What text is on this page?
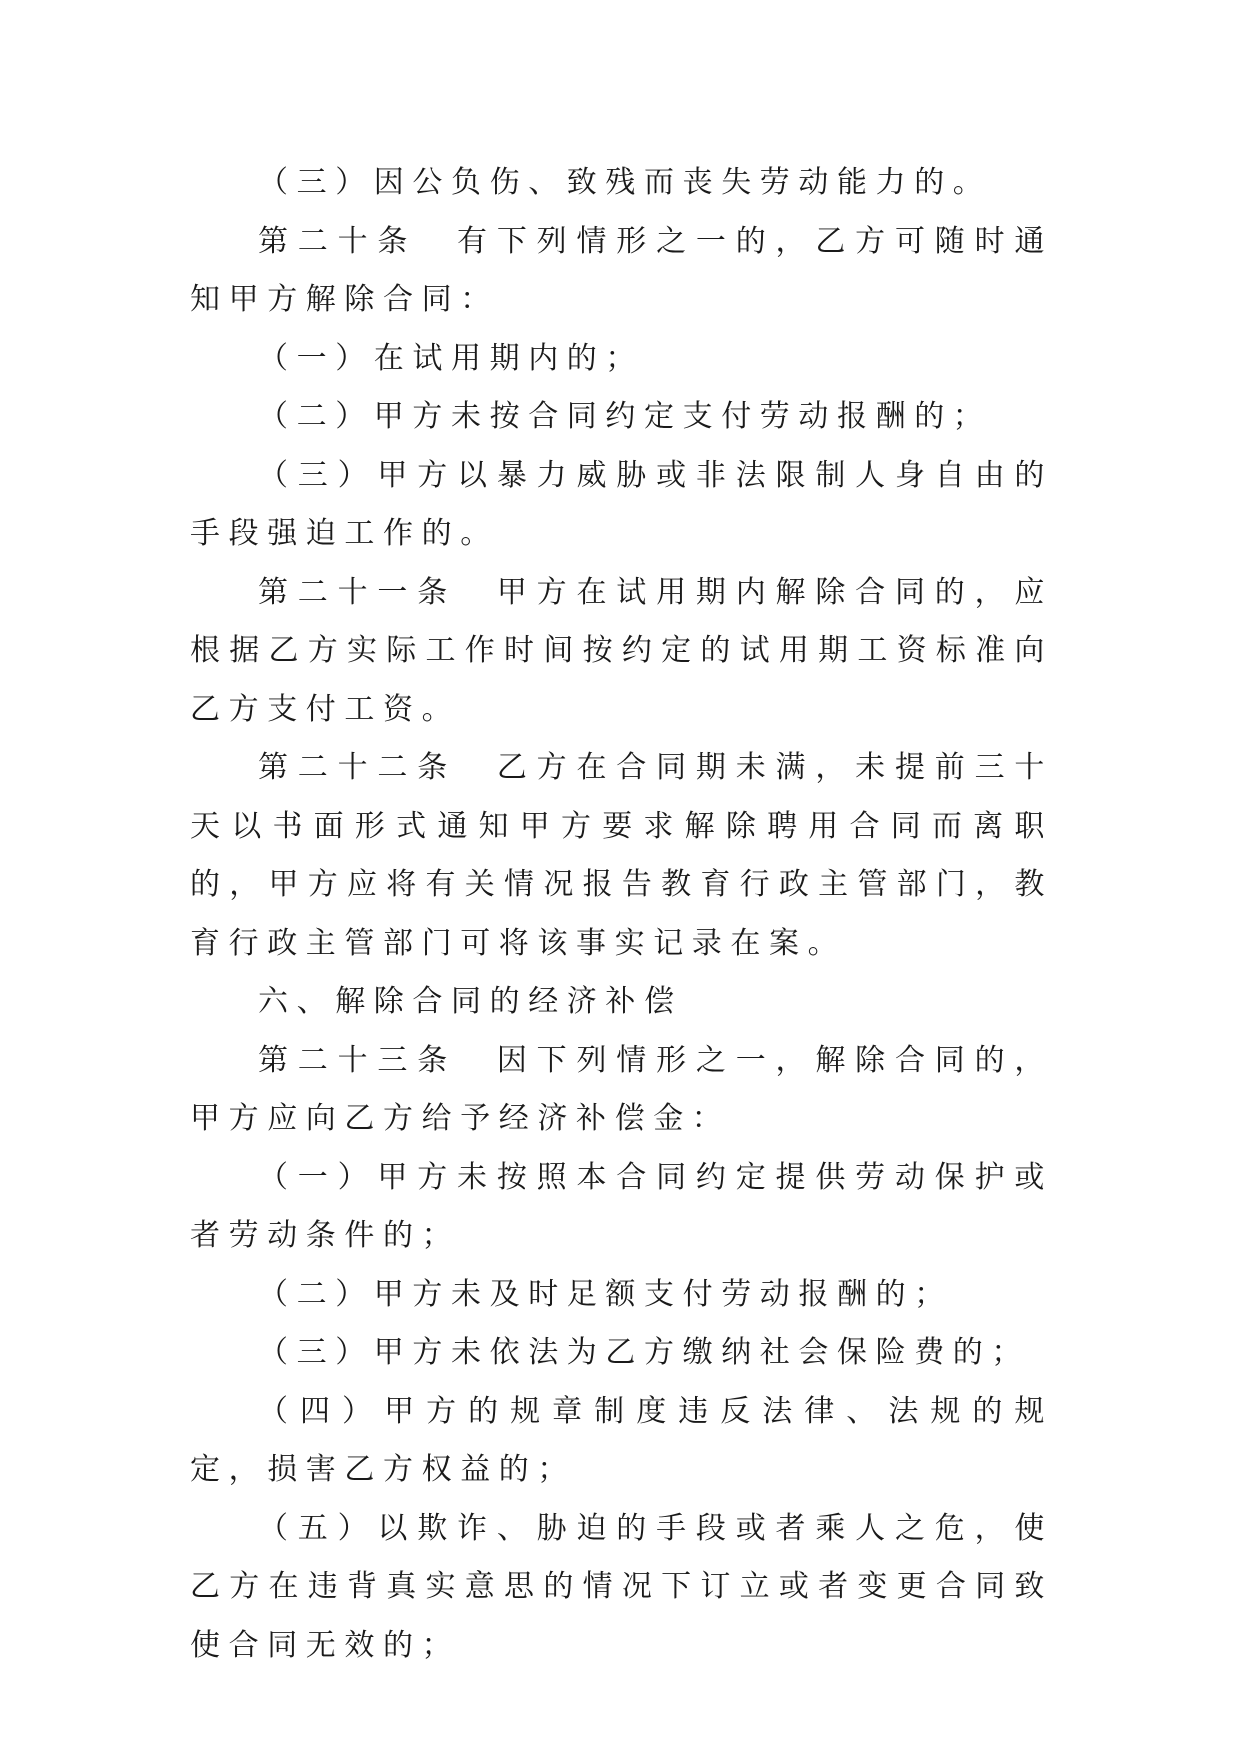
（三）因公负伤、致残而丧失劳动能力的。

第二十条　有下列情形之一的，乙方可随时通知甲方解除合同：

（一）在试用期内的；

（二）甲方未按合同约定支付劳动报酬的；

（三）甲方以暴力威胁或非法限制人身自由的手段强迫工作的。

第二十一条　甲方在试用期内解除合同的，应根据乙方实际工作时间按约定的试用期工资标准向乙方支付工资。

第二十二条　乙方在合同期未满，未提前三十天以书面形式通知甲方要求解除聘用合同而离职的，甲方应将有关情况报告教育行政主管部门，教育行政主管部门可将该事实记录在案。

六、解除合同的经济补偿

第二十三条　因下列情形之一，解除合同的，甲方应向乙方给予经济补偿金：

（一）甲方未按照本合同约定提供劳动保护或者劳动条件的；

（二）甲方未及时足额支付劳动报酬的；

（三）甲方未依法为乙方缴纳社会保险费的；

（四）甲方的规章制度违反法律、法规的规定，损害乙方权益的；

（五）以欺诈、胁迫的手段或者乘人之危，使乙方在违背真实意思的情况下订立或者变更合同致使合同无效的；
